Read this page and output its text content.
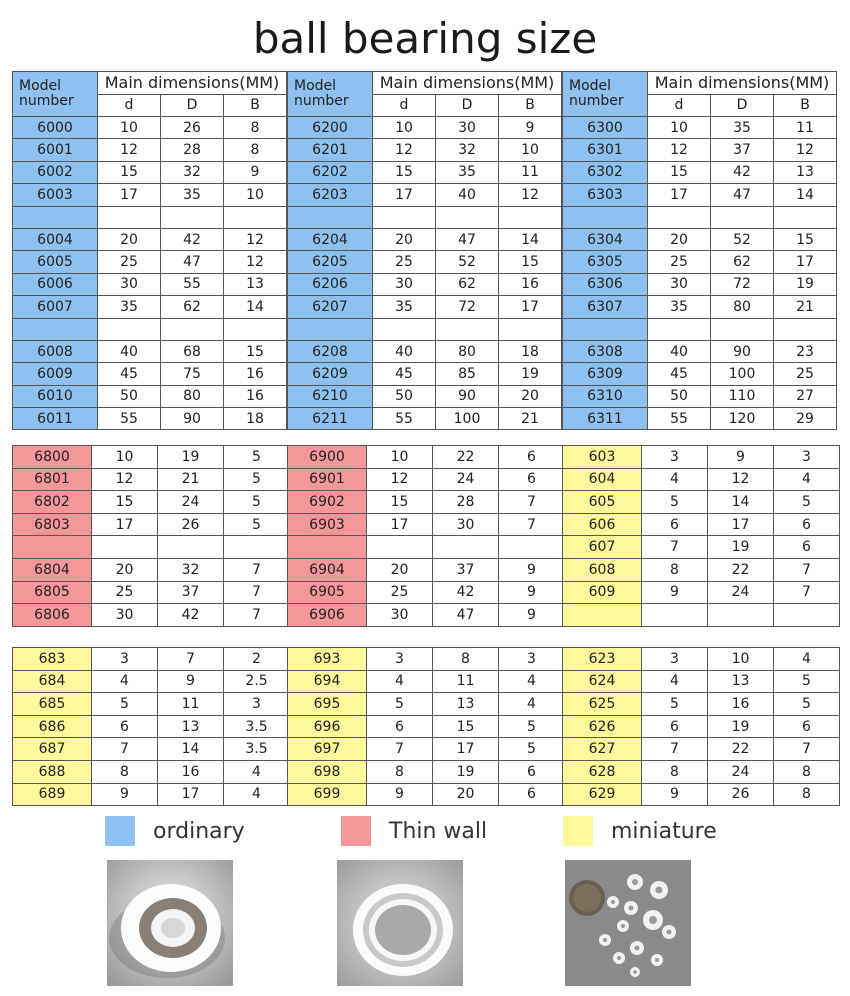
ball bearing size
Model number	Main dimensions(MM)		
	d	D	B
6000	10	26	8
6001	12	28	8
6002	15	32	9
6003	17	35	10

6004	20	42	12
6005	25	47	12
6006	30	55	13
6007	35	62	14

6008	40	68	15
6009	45	75	16
6010	50	80	16
6011	55	90	18
Model number	Main dimensions(MM)		
	d	D	B
6200	10	30	9
6201	12	32	10
6202	15	35	11
6203	17	40	12

6204	20	47	14
6205	25	52	15
6206	30	62	16
6207	35	72	17

6208	40	80	18
6209	45	85	19
6210	50	90	20
6211	55	100	21
Model number	Main dimensions(MM)		
	d	D	B
6300	10	35	11
6301	12	37	12
6302	15	42	13
6303	17	47	14

6304	20	52	15
6305	25	62	17
6306	30	72	19
6307	35	80	21

6308	40	90	23
6309	45	100	25
6310	50	110	27
6311	55	120	29
6800	10	19	5
6801	12	21	5
6802	15	24	5
6803	17	26	5

6804	20	32	7
6805	25	37	7
6806	30	42	7
6900	10	22	6
6901	12	24	6
6902	15	28	7
6903	17	30	7

6904	20	37	9
6905	25	42	9
6906	30	47	9
603	3	9	3
604	4	12	4
605	5	14	5
606	6	17	6
607	7	19	6
608	8	22	7
609	9	24	7

683	3	7	2
684	4	9	2.5
685	5	11	3
686	6	13	3.5
687	7	14	3.5
688	8	16	4
689	9	17	4
693	3	8	3
694	4	11	4
695	5	13	4
696	6	15	5
697	7	17	5
698	8	19	6
699	9	20	6
623	3	10	4
624	4	13	5
625	5	16	5
626	6	19	6
627	7	22	7
628	8	24	8
629	9	26	8
ordinary	Thin wall	miniature
